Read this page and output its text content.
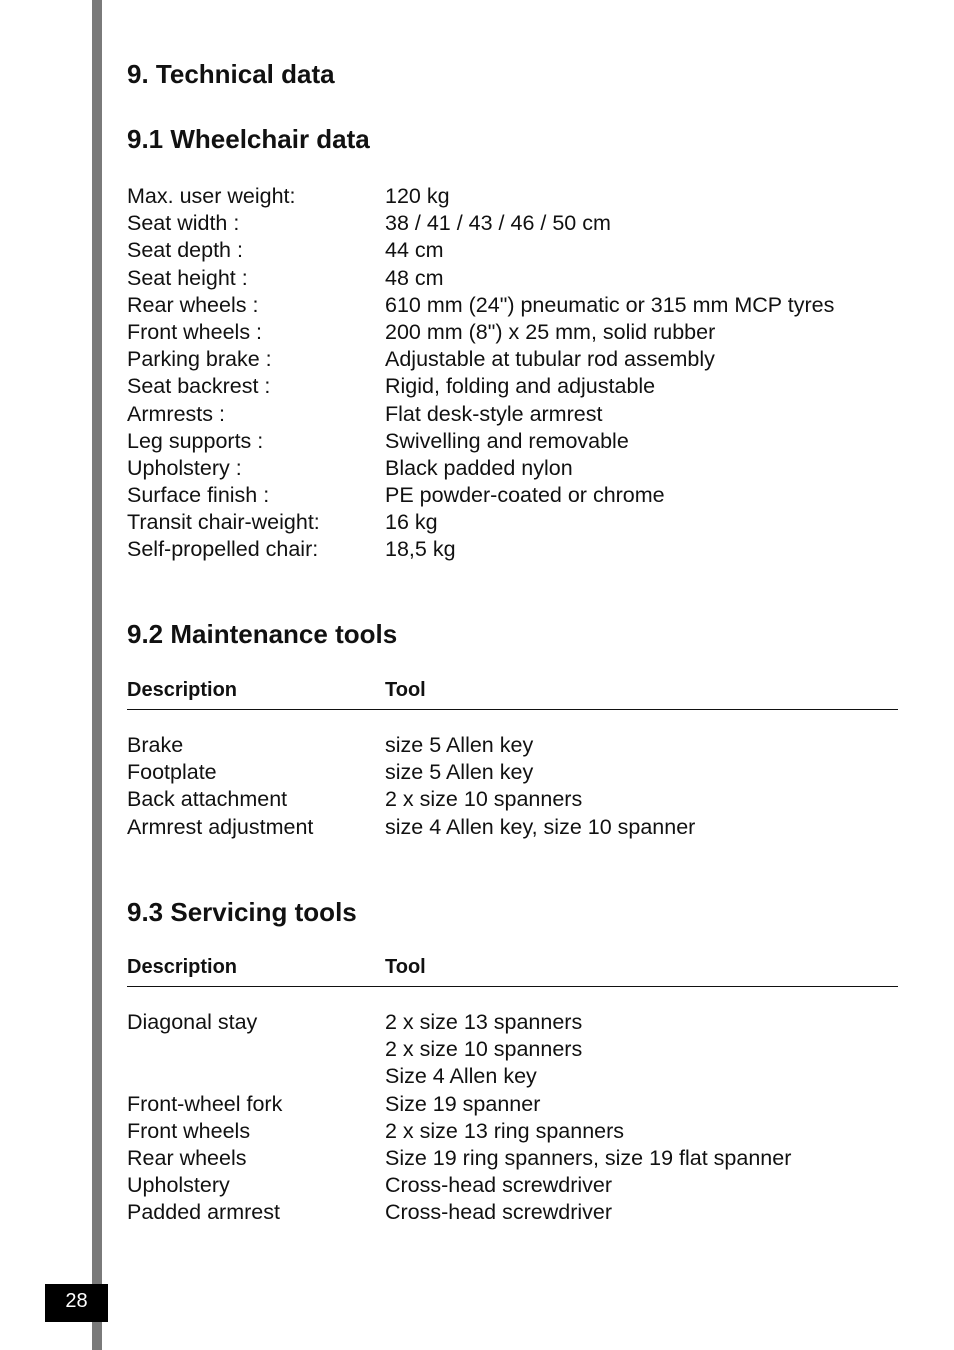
9. Technical data
9.1 Wheelchair data
Max. user weight:	120 kg
Seat width :	38 / 41 / 43 / 46 / 50 cm
Seat depth :	44 cm
Seat height :	48 cm
Rear wheels :	610 mm (24") pneumatic or 315 mm MCP tyres
Front wheels :	200 mm (8") x 25 mm, solid rubber
Parking brake :	Adjustable at tubular rod assembly
Seat backrest :	Rigid, folding and adjustable
Armrests :	Flat desk-style armrest
Leg supports :	Swivelling and removable
Upholstery :	Black padded nylon
Surface finish :	PE powder-coated or chrome
Transit chair-weight:	16 kg
Self-propelled chair:	18,5 kg
9.2 Maintenance tools
Description	Tool
Brake	size 5 Allen key
Footplate	size 5 Allen key
Back attachment	2 x size 10 spanners
Armrest adjustment	size 4 Allen key, size 10 spanner
9.3 Servicing tools
Description	Tool
Diagonal stay	2 x size 13 spanners
2 x size 10 spanners
Size 4 Allen key
Front-wheel fork	Size 19 spanner
Front wheels	2 x size 13 ring spanners
Rear wheels	Size 19 ring spanners, size 19 flat spanner
Upholstery	Cross-head screwdriver
Padded armrest	Cross-head screwdriver
28
